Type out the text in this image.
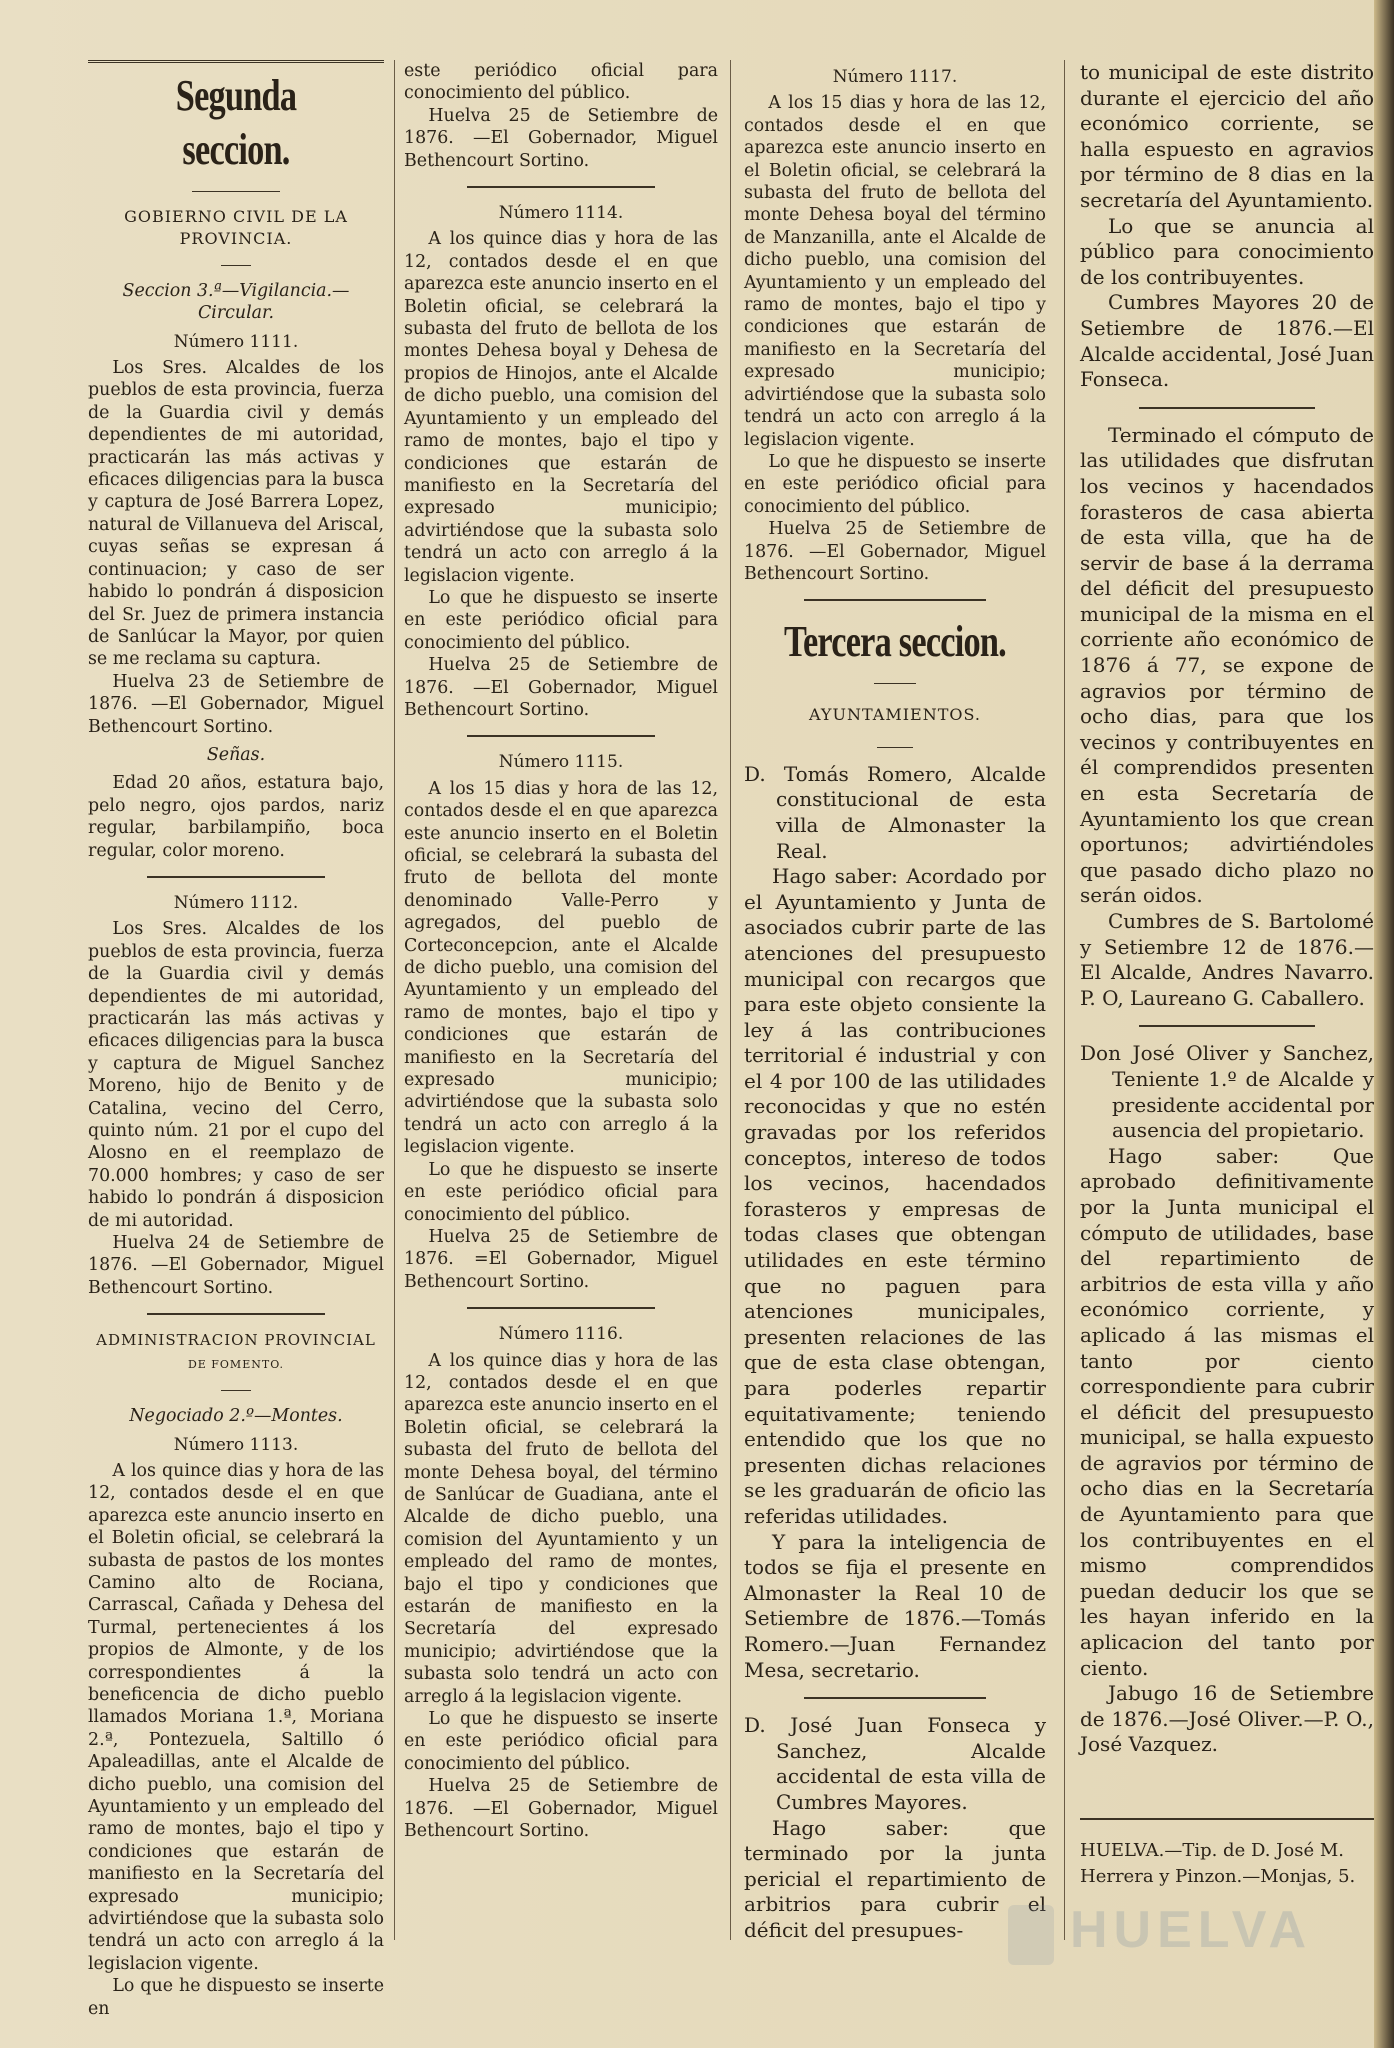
Segunda seccion.
GOBIERNO CIVIL DE LA PROVINCIA.
Seccion 3.ª—Vigilancia.— Circular.
Número 1111.

Los Sres. Alcaldes de los pueblos de esta provincia, fuerza de la Guardia civil y demás dependientes de mi autoridad, practicarán las más activas y eficaces diligencias para la busca y captura de José Barrera Lopez, natural de Villanueva del Ariscal, cuyas señas se expresan á continuacion; y caso de ser habido lo pondrán á disposicion del Sr. Juez de primera instancia de Sanlúcar la Mayor, por quien se me reclama su captura.

Huelva 23 de Setiembre de 1876. —El Gobernador, Miguel Bethencourt Sortino.

Señas.

Edad 20 años, estatura bajo, pelo negro, ojos pardos, nariz regular, barbilampiño, boca regular, color moreno.

Número 1112.

Los Sres. Alcaldes de los pueblos de esta provincia, fuerza de la Guardia civil y demás dependientes de mi autoridad, practicarán las más activas y eficaces diligencias para la busca y captura de Miguel Sanchez Moreno, hijo de Benito y de Catalina, vecino del Cerro, quinto núm. 21 por el cupo del Alosno en el reemplazo de 70.000 hombres; y caso de ser habido lo pondrán á disposicion de mi autoridad.

Huelva 24 de Setiembre de 1876. —El Gobernador, Miguel Bethencourt Sortino.

ADMINISTRACION PROVINCIAL
DE FOMENTO.
Negociado 2.º—Montes.
Número 1113.

A los quince dias y hora de las 12, contados desde el en que aparezca este anuncio inserto en el Boletin oficial, se celebrará la subasta de pastos de los montes Camino alto de Rociana, Carrascal, Cañada y Dehesa del Turmal, pertenecientes á los propios de Almonte, y de los correspondientes á la beneficencia de dicho pueblo llamados Moriana 1.ª, Moriana 2.ª, Pontezuela, Saltillo ó Apaleadillas, ante el Alcalde de dicho pueblo, una comision del Ayuntamiento y un empleado del ramo de montes, bajo el tipo y condiciones que estarán de manifiesto en la Secretaría del expresado municipio; advirtiéndose que la subasta solo tendrá un acto con arreglo á la legislacion vigente.

Lo que he dispuesto se inserte en

este periódico oficial para conocimiento del público.

Huelva 25 de Setiembre de 1876. —El Gobernador, Miguel Bethencourt Sortino.

Número 1114.

A los quince dias y hora de las 12, contados desde el en que aparezca este anuncio inserto en el Boletin oficial, se celebrará la subasta del fruto de bellota de los montes Dehesa boyal y Dehesa de propios de Hinojos, ante el Alcalde de dicho pueblo, una comision del Ayuntamiento y un empleado del ramo de montes, bajo el tipo y condiciones que estarán de manifiesto en la Secretaría del expresado municipio; advirtiéndose que la subasta solo tendrá un acto con arreglo á la legislacion vigente.

Lo que he dispuesto se inserte en este periódico oficial para conocimiento del público.

Huelva 25 de Setiembre de 1876. —El Gobernador, Miguel Bethencourt Sortino.

Número 1115.

A los 15 dias y hora de las 12, contados desde el en que aparezca este anuncio inserto en el Boletin oficial, se celebrará la subasta del fruto de bellota del monte denominado Valle-Perro y agregados, del pueblo de Corteconcepcion, ante el Alcalde de dicho pueblo, una comision del Ayuntamiento y un empleado del ramo de montes, bajo el tipo y condiciones que estarán de manifiesto en la Secretaría del expresado municipio; advirtiéndose que la subasta solo tendrá un acto con arreglo á la legislacion vigente.

Lo que he dispuesto se inserte en este periódico oficial para conocimiento del público.

Huelva 25 de Setiembre de 1876. =El Gobernador, Miguel Bethencourt Sortino.

Número 1116.

A los quince dias y hora de las 12, contados desde el en que aparezca este anuncio inserto en el Boletin oficial, se celebrará la subasta del fruto de bellota del monte Dehesa boyal, del término de Sanlúcar de Guadiana, ante el Alcalde de dicho pueblo, una comision del Ayuntamiento y un empleado del ramo de montes, bajo el tipo y condiciones que estarán de manifiesto en la Secretaría del expresado municipio; advirtiéndose que la subasta solo tendrá un acto con arreglo á la legislacion vigente.

Lo que he dispuesto se inserte en este periódico oficial para conocimiento del público.

Huelva 25 de Setiembre de 1876. —El Gobernador, Miguel Bethencourt Sortino.

Número 1117.

A los 15 dias y hora de las 12, contados desde el en que aparezca este anuncio inserto en el Boletin oficial, se celebrará la subasta del fruto de bellota del monte Dehesa boyal del término de Manzanilla, ante el Alcalde de dicho pueblo, una comision del Ayuntamiento y un empleado del ramo de montes, bajo el tipo y condiciones que estarán de manifiesto en la Secretaría del expresado municipio; advirtiéndose que la subasta solo tendrá un acto con arreglo á la legislacion vigente.

Lo que he dispuesto se inserte en este periódico oficial para conocimiento del público.

Huelva 25 de Setiembre de 1876. —El Gobernador, Miguel Bethencourt Sortino.

Tercera seccion.
AYUNTAMIENTOS.

D. Tomás Romero, Alcalde constitucional de esta villa de Almonaster la Real.

Hago saber: Acordado por el Ayuntamiento y Junta de asociados cubrir parte de las atenciones del presupuesto municipal con recargos que para este objeto consiente la ley á las contribuciones territorial é industrial y con el 4 por 100 de las utilidades reconocidas y que no estén gravadas por los referidos conceptos, intereso de todos los vecinos, hacendados forasteros y empresas de todas clases que obtengan utilidades en este término que no paguen para atenciones municipales, presenten relaciones de las que de esta clase obtengan, para poderles repartir equitativamente; teniendo entendido que los que no presenten dichas relaciones se les graduarán de oficio las referidas utilidades.

Y para la inteligencia de todos se fija el presente en Almonaster la Real 10 de Setiembre de 1876.—Tomás Romero.—Juan Fernandez Mesa, secretario.

D. José Juan Fonseca y Sanchez, Alcalde accidental de esta villa de Cumbres Mayores.

Hago saber: que terminado por la junta pericial el repartimiento de arbitrios para cubrir el déficit del presupues-

to municipal de este distrito durante el ejercicio del año económico corriente, se halla espuesto en agravios por término de 8 dias en la secretaría del Ayuntamiento.

Lo que se anuncia al público para conocimiento de los contribuyentes.

Cumbres Mayores 20 de Setiembre de 1876.—El Alcalde accidental, José Juan Fonseca.

Terminado el cómputo de las utilidades que disfrutan los vecinos y hacendados forasteros de casa abierta de esta villa, que ha de servir de base á la derrama del déficit del presupuesto municipal de la misma en el corriente año económico de 1876 á 77, se expone de agravios por término de ocho dias, para que los vecinos y contribuyentes en él comprendidos presenten en esta Secretaría de Ayuntamiento los que crean oportunos; advirtiéndoles que pasado dicho plazo no serán oidos.

Cumbres de S. Bartolomé y Setiembre 12 de 1876.— El Alcalde, Andres Navarro. P. O, Laureano G. Caballero.

Don José Oliver y Sanchez, Teniente 1.º de Alcalde y presidente accidental por ausencia del propietario.

Hago saber: Que aprobado definitivamente por la Junta municipal el cómputo de utilidades, base del repartimiento de arbitrios de esta villa y año económico corriente, y aplicado á las mismas el tanto por ciento correspondiente para cubrir el déficit del presupuesto municipal, se halla expuesto de agravios por término de ocho dias en la Secretaría de Ayuntamiento para que los contribuyentes en el mismo comprendidos puedan deducir los que se les hayan inferido en la aplicacion del tanto por ciento.

Jabugo 16 de Setiembre de 1876.—José Oliver.—P. O., José Vazquez.

HUELVA.—Tip. de D. José M. Herrera y Pinzon.—Monjas, 5.
HUELVA
